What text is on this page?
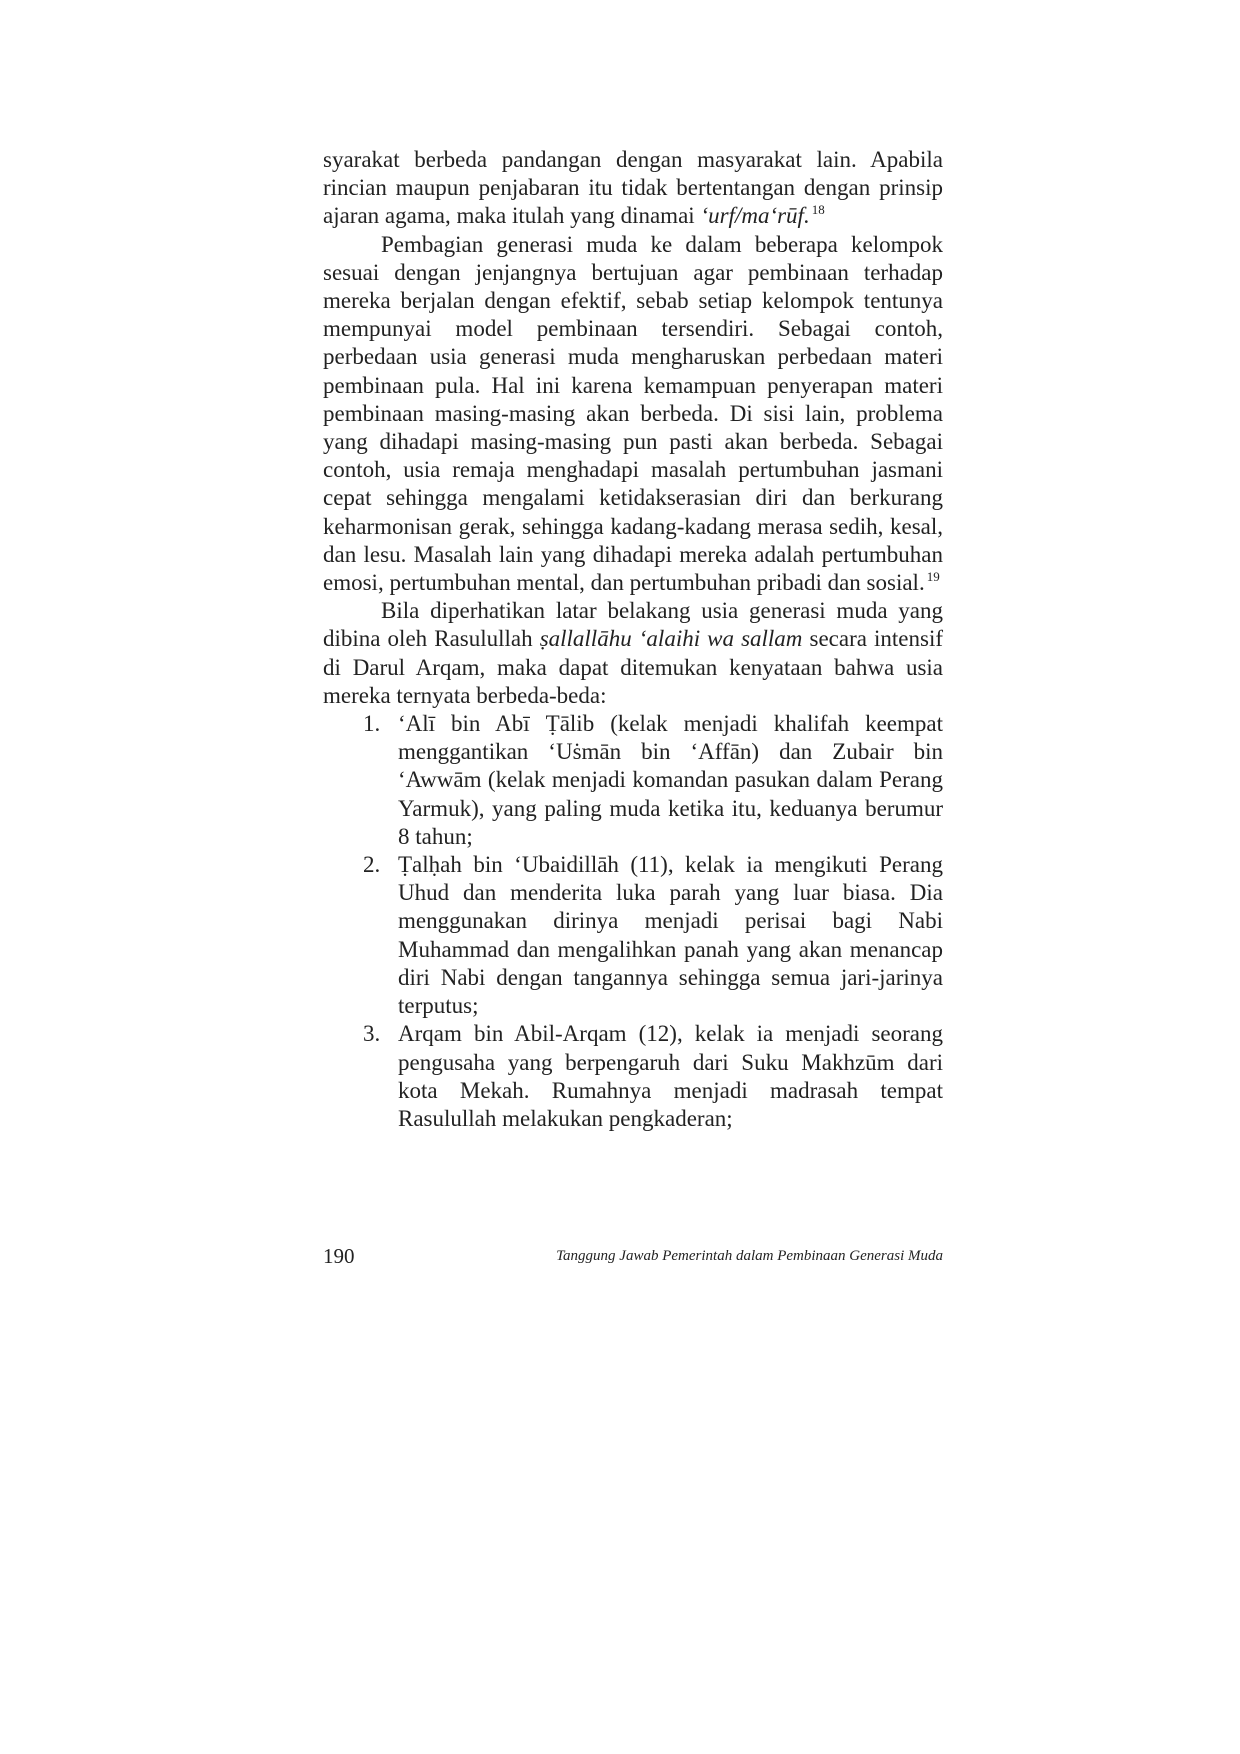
syarakat berbeda pandangan dengan masyarakat lain. Apabila rincian maupun penjabaran itu tidak bertentangan dengan prinsip ajaran agama, maka itulah yang dinamai ‘urf/ma‘rūf. $^{18}$

Pembagian generasi muda ke dalam beberapa kelompok sesuai dengan jenjangnya bertujuan agar pembinaan terhadap mereka berjalan dengan efektif, sebab setiap kelompok tentunya mempunyai model pembinaan tersendiri. Sebagai contoh, perbedaan usia generasi muda mengharuskan perbedaan materi pembinaan pula. Hal ini karena kemampuan penyerapan materi pembinaan masing-masing akan berbeda. Di sisi lain, problema yang dihadapi masing-masing pun pasti akan berbeda. Sebagai contoh, usia remaja menghadapi masalah pertumbuhan jasmani cepat sehingga mengalami ketidakserasian diri dan berkurang keharmonisan gerak, sehingga kadang-kadang merasa sedih, kesal, dan lesu. Masalah lain yang dihadapi mereka adalah pertumbuhan emosi, pertumbuhan mental, dan pertumbuhan pribadi dan sosial. $^{19}$

Bila diperhatikan latar belakang usia generasi muda yang dibina oleh Rasulullah ṣallallāhu ‘alaihi wa sallam secara intensif di Darul Arqam, maka dapat ditemukan kenyataan bahwa usia mereka ternyata berbeda-beda:

1. ‘Alī bin Abī Ṭālib (kelak menjadi khalifah keempat menggantikan ‘Uṡmān bin ‘Affān) dan Zubair bin ‘Awwām (kelak menjadi komandan pasukan dalam Perang Yarmuk), yang paling muda ketika itu, keduanya berumur 8 tahun;
2. Ṭalḥah bin ‘Ubaidillāh (11), kelak ia mengikuti Perang Uhud dan menderita luka parah yang luar biasa. Dia menggunakan dirinya menjadi perisai bagi Nabi Muhammad dan mengalihkan panah yang akan menancap diri Nabi dengan tangannya sehingga semua jari-jarinya terputus;
3. Arqam bin Abil-Arqam (12), kelak ia menjadi seorang pengusaha yang berpengaruh dari Suku Makhzūm dari kota Mekah. Rumahnya menjadi madrasah tempat Rasulullah melakukan pengkaderan;
190	Tanggung Jawab Pemerintah dalam Pembinaan Generasi Muda
